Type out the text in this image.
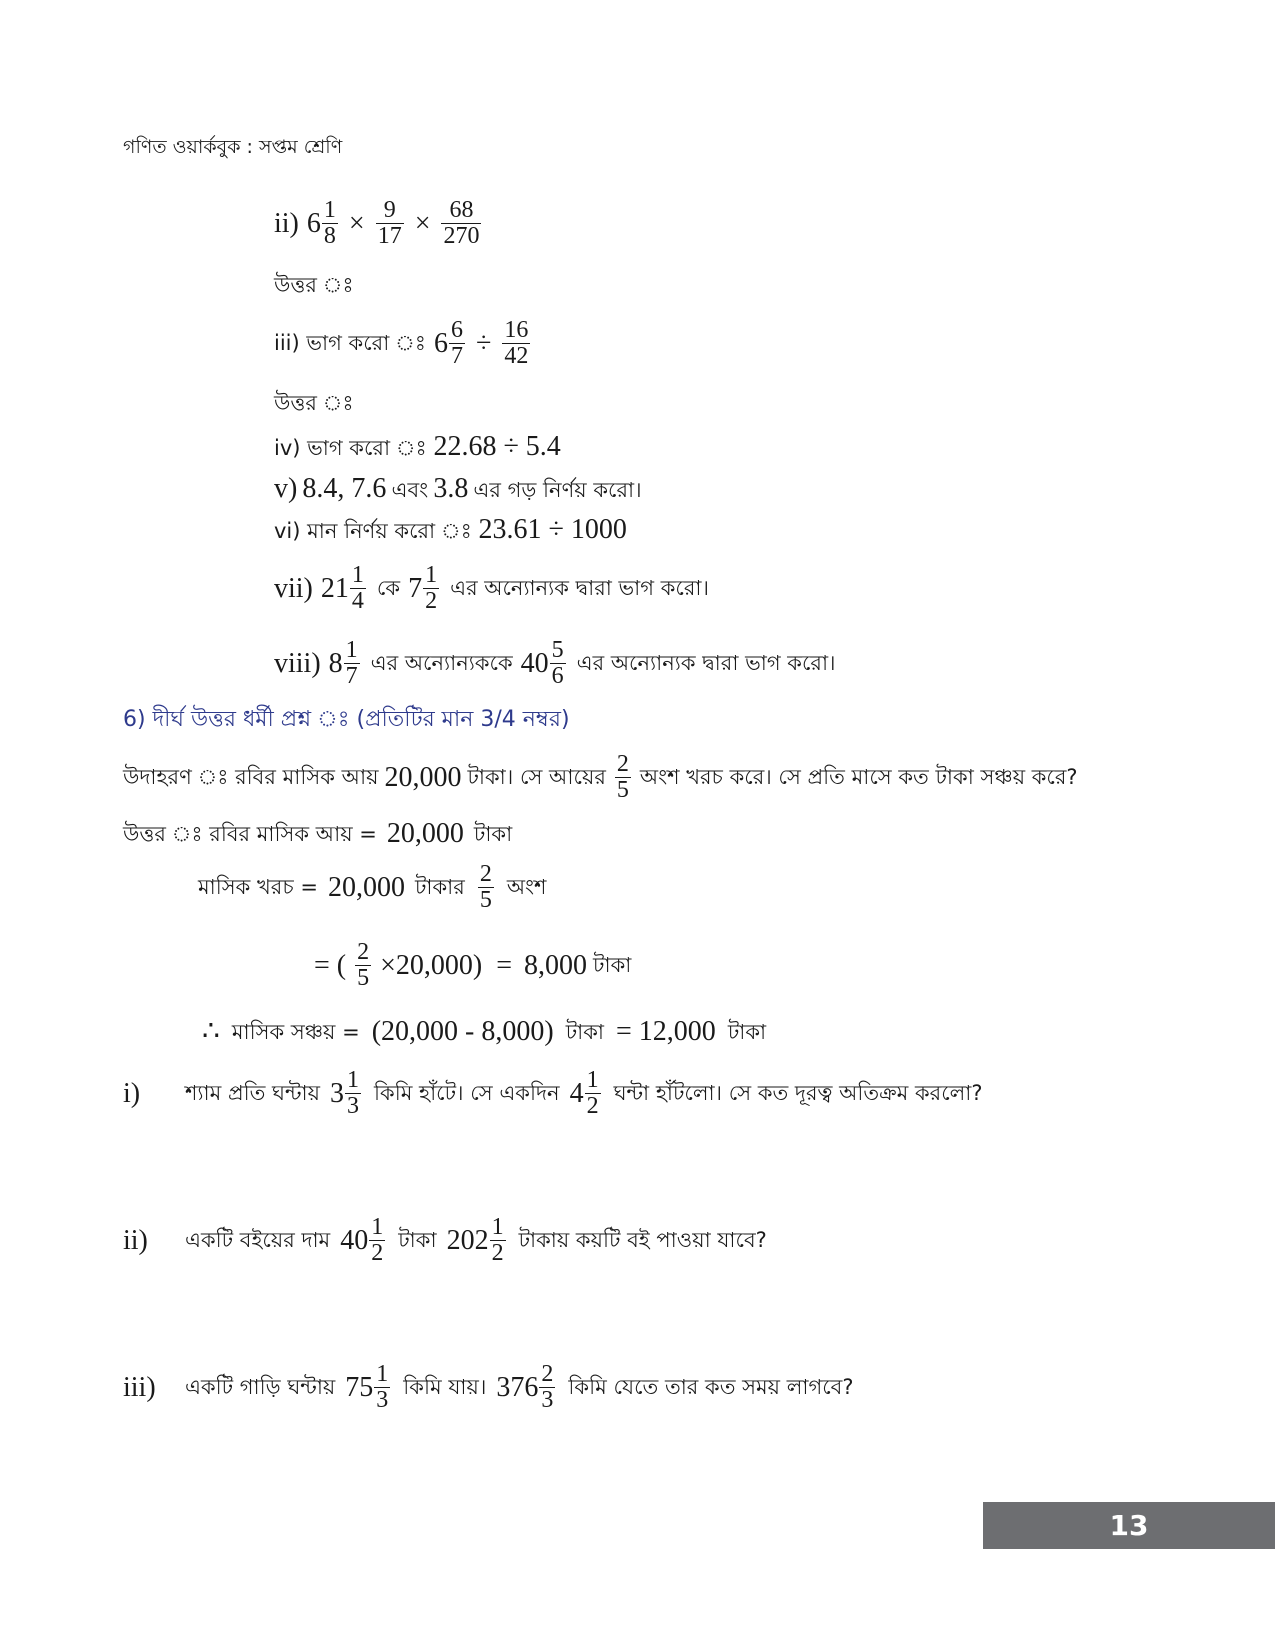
গণিত ওয়ার্কবুক : সপ্তম শ্রেণি
ii) $6 \frac{1}{8} \times \frac{9}{17} \times \frac{68}{270}$
উত্তর ঃ
iii) ভাগ করো ঃ $6 \frac{6}{7} \div \frac{16}{42}$
উত্তর ঃ
iv) ভাগ করো ঃ 22.68 ÷ 5.4
v) 8.4, 7.6 এবং 3.8 এর গড় নির্ণয় করো।
vi) মান নির্ণয় করো ঃ 23.61 ÷ 1000
vii) $21 \frac{1}{4}$ কে $7 \frac{1}{2}$ এর অন্যোন্যক দ্বারা ভাগ করো।
viii) $8 \frac{1}{7}$ এর অন্যোন্যককে $40 \frac{5}{6}$ এর অন্যোন্যক দ্বারা ভাগ করো।
6) দীর্ঘ উত্তর ধর্মী প্রশ্ন ঃ (প্রতিটির মান 3/4 নম্বর)
উদাহরণ ঃ রবির মাসিক আয় 20,000 টাকা। সে আয়ের $\frac{2}{5}$ অংশ খরচ করে। সে প্রতি মাসে কত টাকা সঞ্চয় করে?
উত্তর ঃ রবির মাসিক আয় = 20,000 টাকা
মাসিক খরচ = 20,000 টাকার $\frac{2}{5}$ অংশ
= ( $\frac{2}{5} \times 20,000) = 8,000$ টাকা
∴ মাসিক সঞ্চয় = (20,000 - 8,000) টাকা = 12,000 টাকা
i)	শ্যাম প্রতি ঘন্টায় $3 \frac{1}{3}$ কিমি হাঁটে। সে একদিন $4 \frac{1}{2}$ ঘন্টা হাঁটলো। সে কত দূরত্ব অতিক্রম করলো?
ii)	একটি বইয়ের দাম $40 \frac{1}{2}$ টাকা $202 \frac{1}{2}$ টাকায় কয়টি বই পাওয়া যাবে?
iii)	একটি গাড়ি ঘন্টায় $75 \frac{1}{3}$ কিমি যায়। $376 \frac{2}{3}$ কিমি যেতে তার কত সময় লাগবে?
13
